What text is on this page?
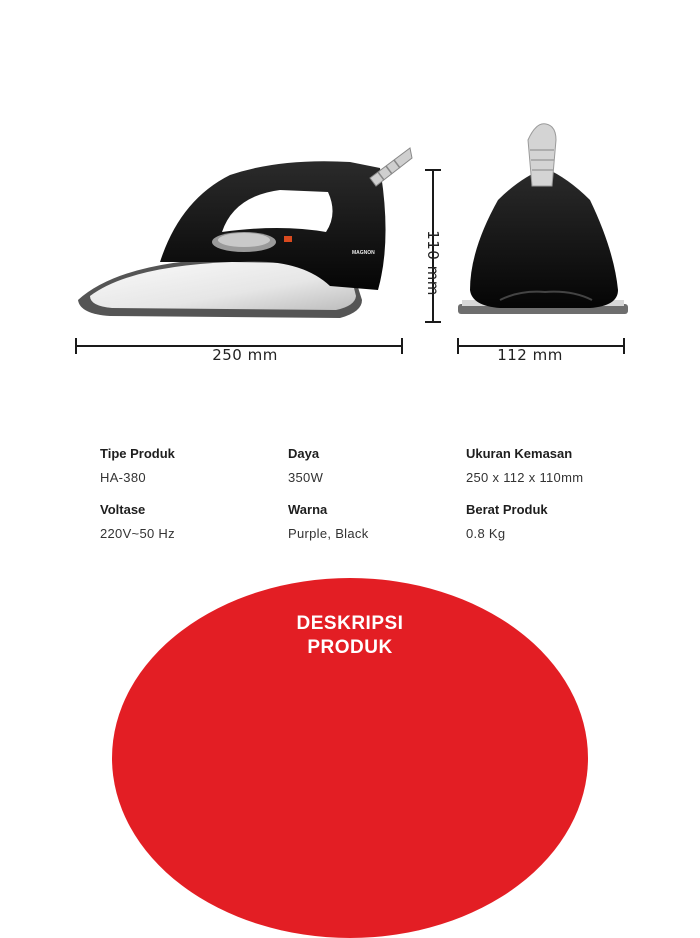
MAGNON
250 mm
110 mm
112 mm
Tipe Produk
HA-380
Daya
350W
Ukuran Kemasan
250 x 112 x 110mm
Voltase
220V~50 Hz
Warna
Purple, Black
Berat Produk
0.8 Kg
DESKRIPSI
PRODUK
